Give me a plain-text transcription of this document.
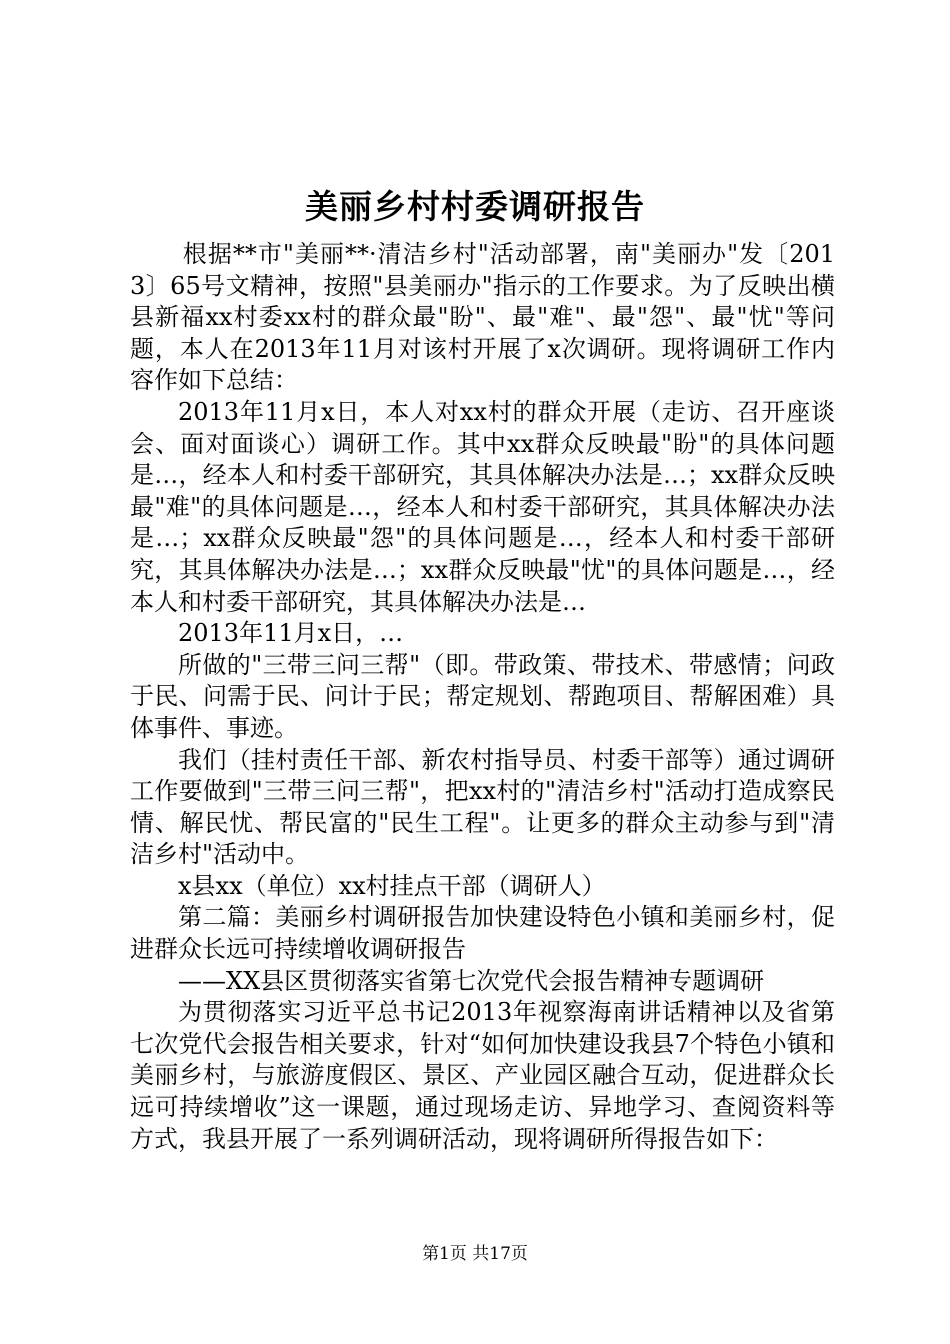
美丽乡村村委调研报告

根据**市"美丽**·清洁乡村"活动部署，南"美丽办"发〔2013〕65号文精神，按照"县美丽办"指示的工作要求。为了反映出横县新福xx村委xx村的群众最"盼"、最"难"、最"怨"、最"忧"等问题，本人在2013年11月对该村开展了x次调研。现将调研工作内容作如下总结：

2013年11月x日，本人对xx村的群众开展（走访、召开座谈会、面对面谈心）调研工作。其中xx群众反映最"盼"的具体问题是…，经本人和村委干部研究，其具体解决办法是…；xx群众反映最"难"的具体问题是…，经本人和村委干部研究，其具体解决办法是…；xx群众反映最"怨"的具体问题是…，经本人和村委干部研究，其具体解决办法是…；xx群众反映最"忧"的具体问题是…，经本人和村委干部研究，其具体解决办法是…

2013年11月x日，…

所做的"三带三问三帮"（即。带政策、带技术、带感情；问政于民、问需于民、问计于民；帮定规划、帮跑项目、帮解困难）具体事件、事迹。

我们（挂村责任干部、新农村指导员、村委干部等）通过调研工作要做到"三带三问三帮"，把xx村的"清洁乡村"活动打造成察民情、解民忧、帮民富的"民生工程"。让更多的群众主动参与到"清洁乡村"活动中。

x县xx（单位）xx村挂点干部（调研人）

第二篇：美丽乡村调研报告加快建设特色小镇和美丽乡村，促进群众长远可持续增收调研报告

——XX县区贯彻落实省第七次党代会报告精神专题调研

为贯彻落实习近平总书记2013年视察海南讲话精神以及省第七次党代会报告相关要求，针对“如何加快建设我县7个特色小镇和美丽乡村，与旅游度假区、景区、产业园区融合互动，促进群众长远可持续增收”这一课题，通过现场走访、异地学习、查阅资料等方式，我县开展了一系列调研活动，现将调研所得报告如下：

第1页 共17页
